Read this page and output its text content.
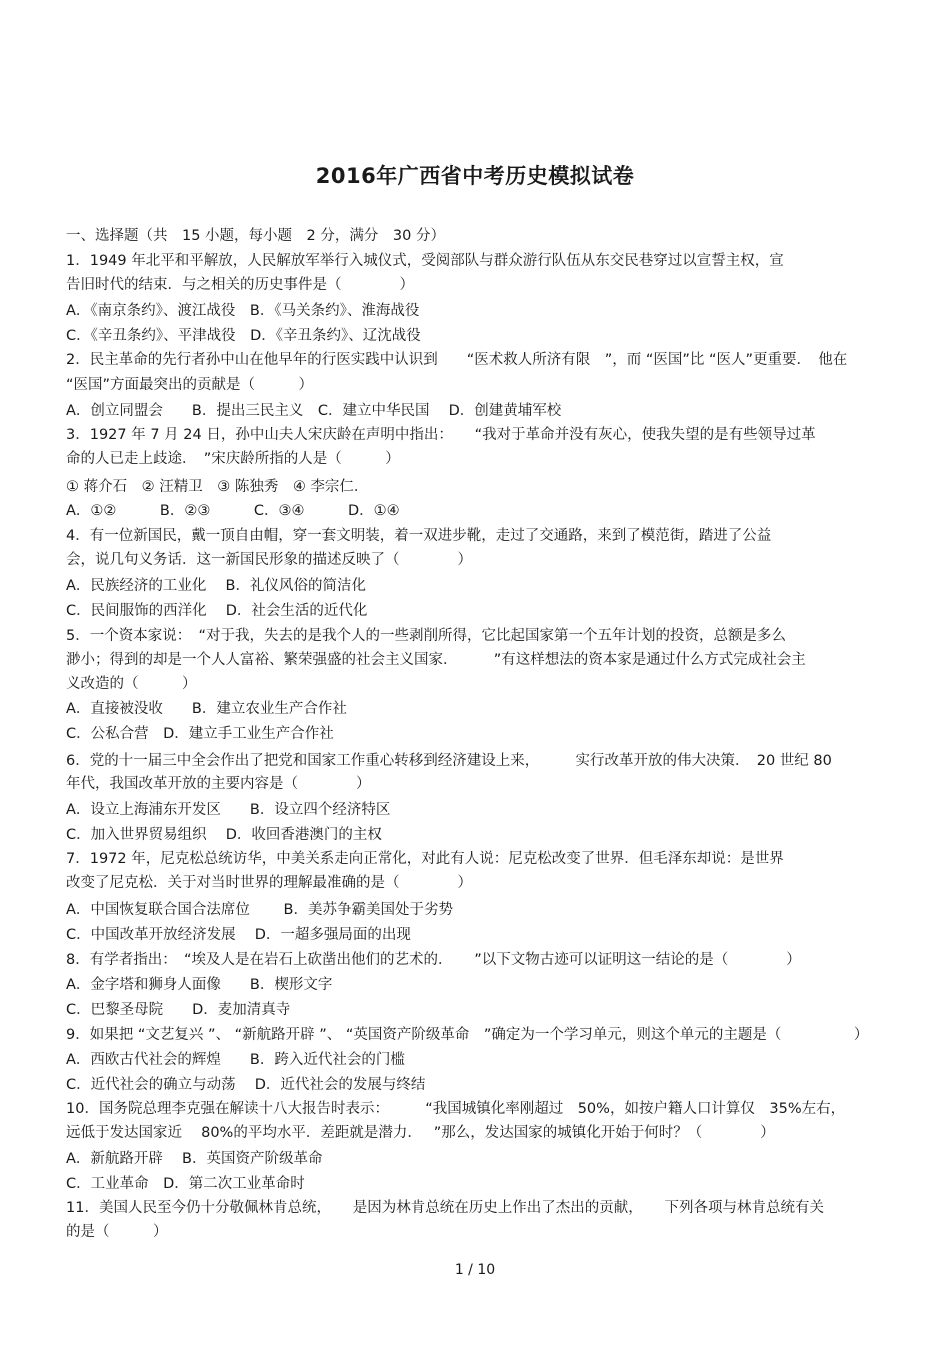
2016年广西省中考历史模拟试卷
一、选择题（共　15 小题，每小题　2 分，满分　30 分）
1．1949 年北平和平解放，人民解放军举行入城仪式，受阅部队与群众游行队伍从东交民巷穿过以宣誓主权，宣
告旧时代的结束．与之相关的历史事件是（　　　　）
A．《南京条约》、渡江战役　B．《马关条约》、淮海战役
C．《辛丑条约》、平津战役　D．《辛丑条约》、辽沈战役
2．民主革命的先行者孙中山在他早年的行医实践中认识到　　“医术救人所济有限　”，而 “医国”比 “医人”更重要．　他在
“医国”方面最突出的贡献是（　　　）
A．创立同盟会　　B．提出三民主义　C．建立中华民国　 D．创建黄埔军校
3．1927 年 7 月 24 日，孙中山夫人宋庆龄在声明中指出：　　“我对于革命并没有灰心，使我失望的是有些领导过革
命的人已走上歧途．　”宋庆龄所指的人是（　　　）
① 蒋介石　② 汪精卫　③ 陈独秀　④ 李宗仁．
A．①②　　　B．②③　　　C．③④　　　D．①④
4．有一位新国民，戴一顶自由帽，穿一套文明装，着一双进步靴，走过了交通路，来到了模范街，踏进了公益
会，说几句义务话．这一新国民形象的描述反映了（　　　　）
A．民族经济的工业化　 B．礼仪风俗的简洁化
C．民间服饰的西洋化　 D．社会生活的近代化
5．一个资本家说：　“对于我，失去的是我个人的一些剥削所得，它比起国家第一个五年计划的投资，总额是多么
渺小；得到的却是一个人人富裕、繁荣强盛的社会主义国家．　　　”有这样想法的资本家是通过什么方式完成社会主
义改造的（　　　）
A．直接被没收　　B．建立农业生产合作社
C．公私合营　D．建立手工业生产合作社
6．党的十一届三中全会作出了把党和国家工作重心转移到经济建设上来，　　　实行改革开放的伟大决策．　20 世纪 80
年代，我国改革开放的主要内容是（　　　　）
A．设立上海浦东开发区　　B．设立四个经济特区
C．加入世界贸易组织　 D．收回香港澳门的主权
7．1972 年，尼克松总统访华，中美关系走向正常化，对此有人说：尼克松改变了世界．但毛泽东却说：是世界
改变了尼克松．关于对当时世界的理解最准确的是（　　　　）
A．中国恢复联合国合法席位　　 B．美苏争霸美国处于劣势
C．中国改革开放经济发展　 D．一超多强局面的出现
8．有学者指出：　“埃及人是在岩石上砍凿出他们的艺术的．　　”以下文物古迹可以证明这一结论的是（　　　　）
A．金字塔和狮身人面像　　B．楔形文字
C．巴黎圣母院　　D．麦加清真寺
9．如果把 “文艺复兴 ”、 “新航路开辟 ”、 “英国资产阶级革命　”确定为一个学习单元，则这个单元的主题是（　　　　　）
A．西欧古代社会的辉煌　　B．跨入近代社会的门槛
C．近代社会的确立与动荡　 D．近代社会的发展与终结
10．国务院总理李克强在解读十八大报告时表示：　　　“我国城镇化率刚超过　50%，如按户籍人口计算仅　35%左右，
远低于发达国家近　 80%的平均水平．差距就是潜力．　 ”那么，发达国家的城镇化开始于何时？（　　　　）
A．新航路开辟　 B．英国资产阶级革命
C．工业革命　D．第二次工业革命时
11．美国人民至今仍十分敬佩林肯总统，　　是因为林肯总统在历史上作出了杰出的贡献，　　下列各项与林肯总统有关
的是（　　　）
1 / 10
